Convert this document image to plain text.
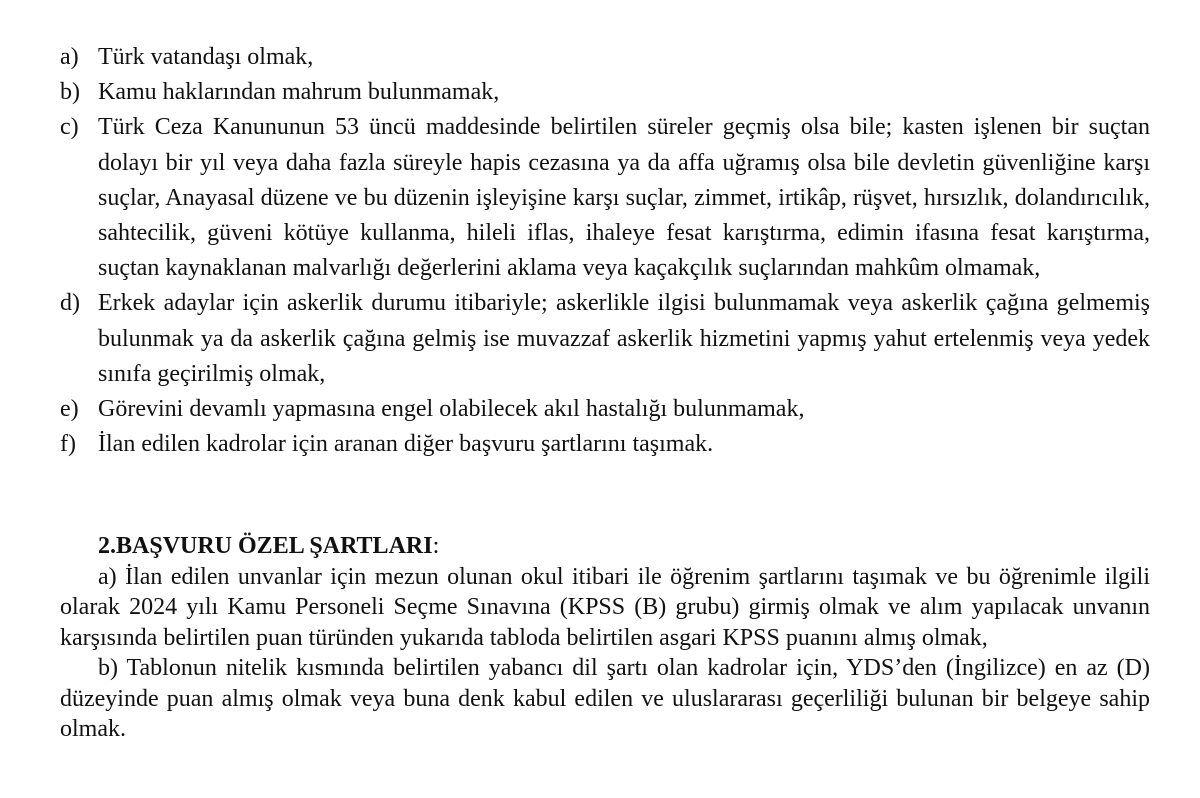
a) Türk vatandaşı olmak,
b) Kamu haklarından mahrum bulunmamak,
c) Türk Ceza Kanununun 53 üncü maddesinde belirtilen süreler geçmiş olsa bile; kasten işlenen bir suçtan dolayı bir yıl veya daha fazla süreyle hapis cezasına ya da affa uğramış olsa bile devletin güvenliğine karşı suçlar, Anayasal düzene ve bu düzenin işleyişine karşı suçlar, zimmet, irtikâp, rüşvet, hırsızlık, dolandırıcılık, sahtecilik, güveni kötüye kullanma, hileli iflas, ihaleye fesat karıştırma, edimin ifasına fesat karıştırma, suçtan kaynaklanan malvarlığı değerlerini aklama veya kaçakçılık suçlarından mahkûm olmamak,
d) Erkek adaylar için askerlik durumu itibariyle; askerlikle ilgisi bulunmamak veya askerlik çağına gelmemiş bulunmak ya da askerlik çağına gelmiş ise muvazzaf askerlik hizmetini yapmış yahut ertelenmiş veya yedek sınıfa geçirilmiş olmak,
e) Görevini devamlı yapmasına engel olabilecek akıl hastalığı bulunmamak,
f) İlan edilen kadrolar için aranan diğer başvuru şartlarını taşımak.

2.BAŞVURU ÖZEL ŞARTLARI:

a) İlan edilen unvanlar için mezun olunan okul itibari ile öğrenim şartlarını taşımak ve bu öğrenimle ilgili olarak 2024 yılı Kamu Personeli Seçme Sınavına (KPSS (B) grubu) girmiş olmak ve alım yapılacak unvanın karşısında belirtilen puan türünden yukarıda tabloda belirtilen asgari KPSS puanını almış olmak,

b) Tablonun nitelik kısmında belirtilen yabancı dil şartı olan kadrolar için, YDS’den (İngilizce) en az (D) düzeyinde puan almış olmak veya buna denk kabul edilen ve uluslararası geçerliliği bulunan bir belgeye sahip olmak.
